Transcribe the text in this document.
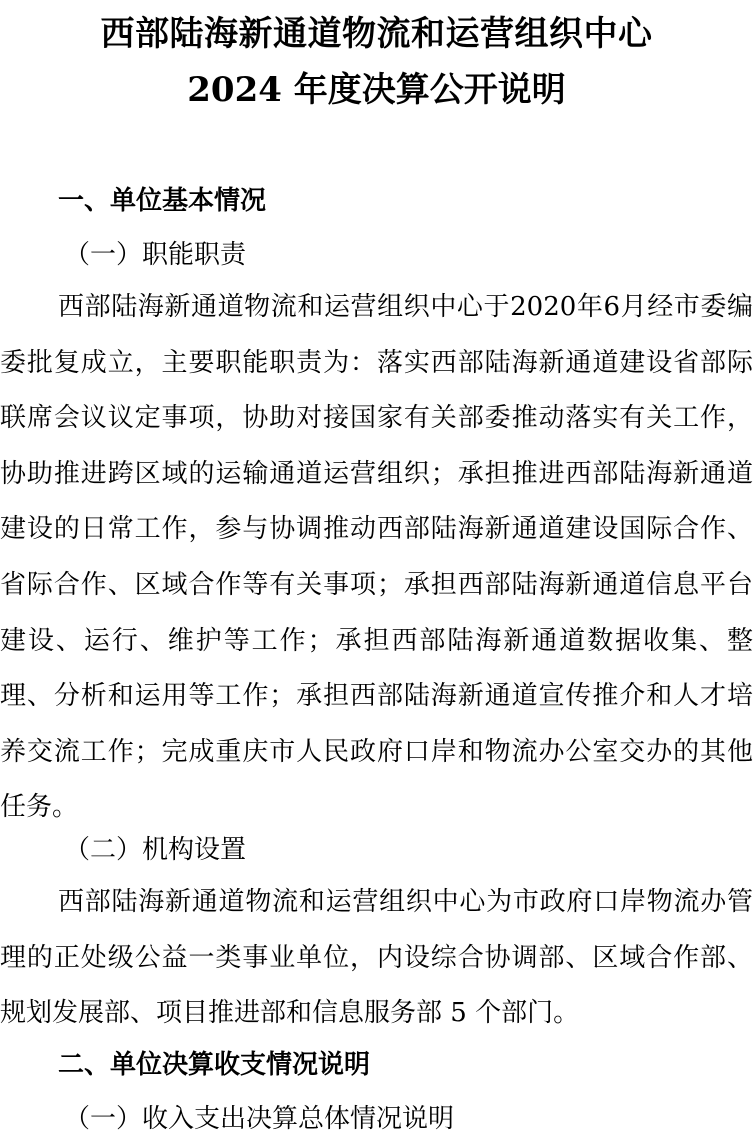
西部陆海新通道物流和运营组织中心
2024 年度决算公开说明
一、单位基本情况
（一）职能职责
西部陆海新通道物流和运营组织中心于2020年6月经市委编委批复成立，主要职能职责为：落实西部陆海新通道建设省部际联席会议议定事项，协助对接国家有关部委推动落实有关工作，协助推进跨区域的运输通道运营组织；承担推进西部陆海新通道建设的日常工作，参与协调推动西部陆海新通道建设国际合作、省际合作、区域合作等有关事项；承担西部陆海新通道信息平台建设、运行、维护等工作；承担西部陆海新通道数据收集、整理、分析和运用等工作；承担西部陆海新通道宣传推介和人才培养交流工作；完成重庆市人民政府口岸和物流办公室交办的其他任务。
（二）机构设置
西部陆海新通道物流和运营组织中心为市政府口岸物流办管理的正处级公益一类事业单位，内设综合协调部、区域合作部、规划发展部、项目推进部和信息服务部 5 个部门。
二、单位决算收支情况说明
（一）收入支出决算总体情况说明
